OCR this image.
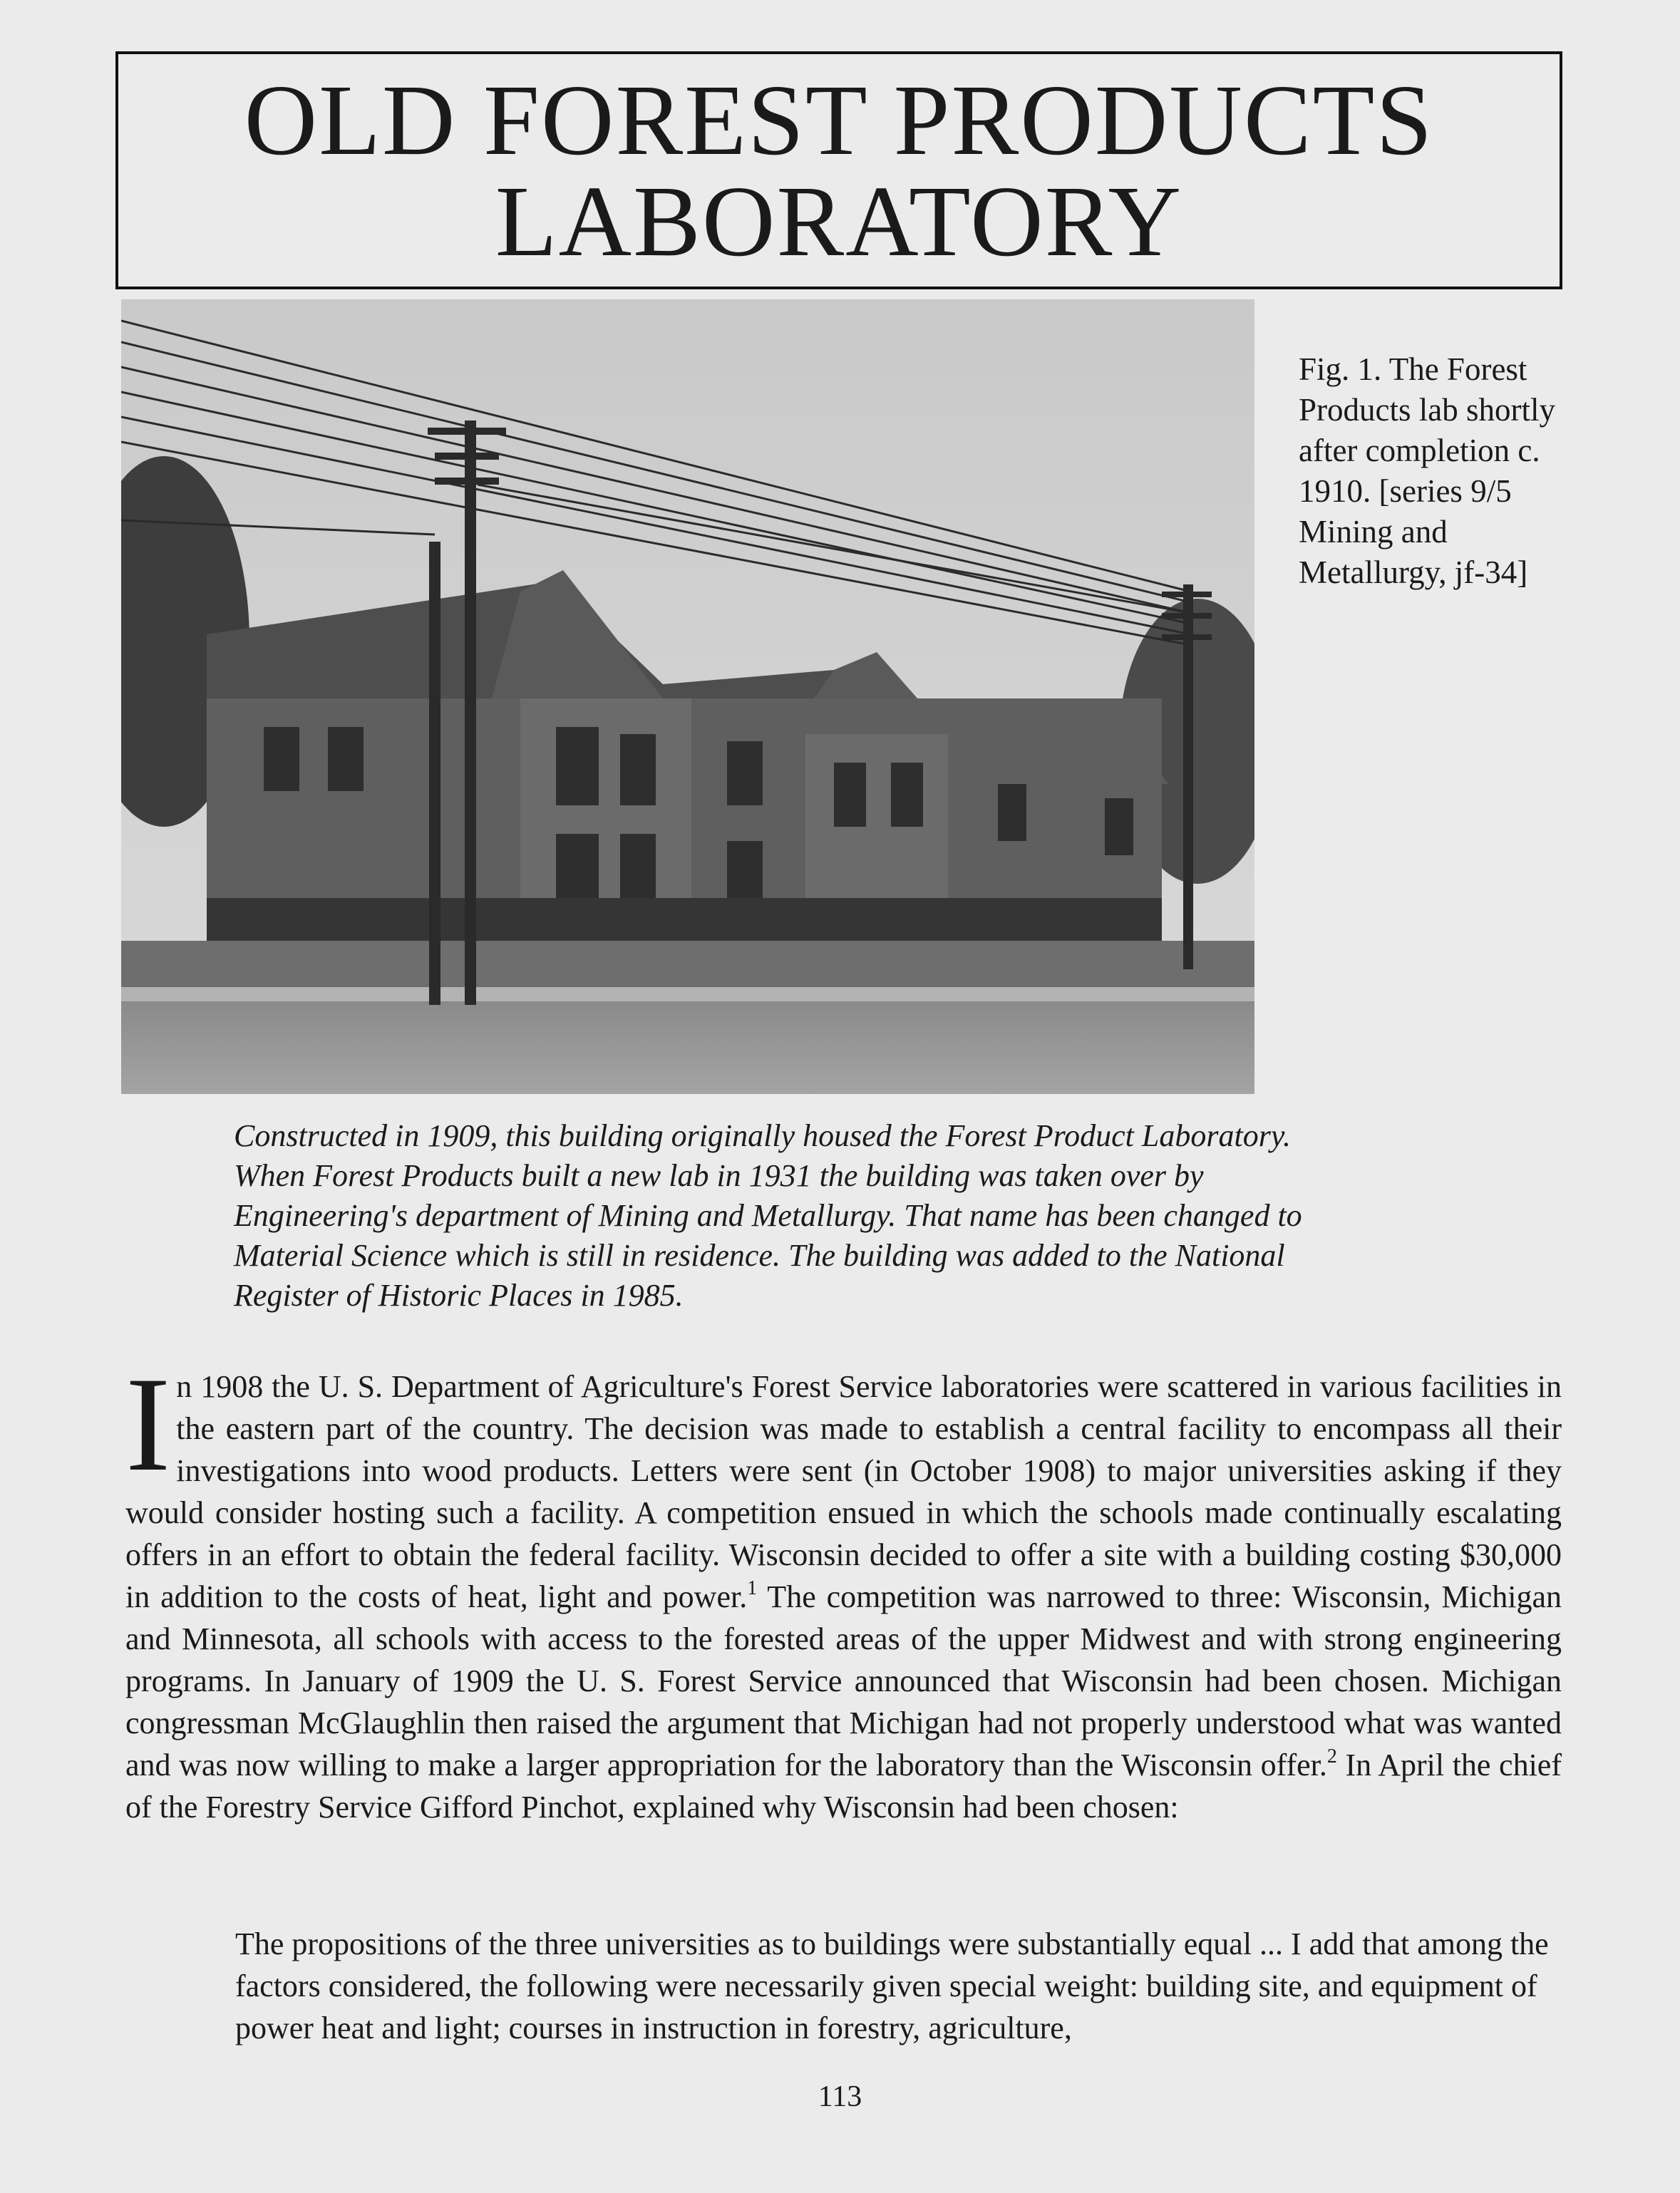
OLD FOREST PRODUCTS
LABORATORY
Fig. 1. The Forest Products lab shortly after completion c. 1910. [series 9/5 Mining and Metallurgy, jf-34]

Constructed in 1909, this building originally housed the Forest Product Laboratory.

When Forest Products built a new lab in 1931 the building was taken over by

Engineering's department of Mining and Metallurgy. That name has been changed to

Material Science which is still in residence. The building was added to the National

Register of Historic Places in 1985.

In 1908 the U. S. Department of Agriculture's Forest Service laboratories were scattered in various facilities in the eastern part of the country. The decision was made to establish a central facility to encompass all their investigations into wood products. Letters were sent (in October 1908) to major universities asking if they would consider hosting such a facility. A competition ensued in which the schools made continually escalating offers in an effort to obtain the federal facility. Wisconsin decided to offer a site with a building costing $30,000 in addition to the costs of heat, light and power.$^1$ The competition was narrowed to three: Wisconsin, Michigan and Minnesota, all schools with access to the forested areas of the upper Midwest and with strong engineering programs. In January of 1909 the U. S. Forest Service announced that Wisconsin had been chosen. Michigan congressman McGlaughlin then raised the argument that Michigan had not properly understood what was wanted and was now willing to make a larger appropriation for the laboratory than the Wisconsin offer.$^2$ In April the chief of the Forestry Service Gifford Pinchot, explained why Wisconsin had been chosen:
The propositions of the three universities as to buildings were substantially equal ... I add that among the factors considered, the following were necessarily given special weight: building site, and equipment of power heat and light; courses in instruction in forestry, agriculture,
113
